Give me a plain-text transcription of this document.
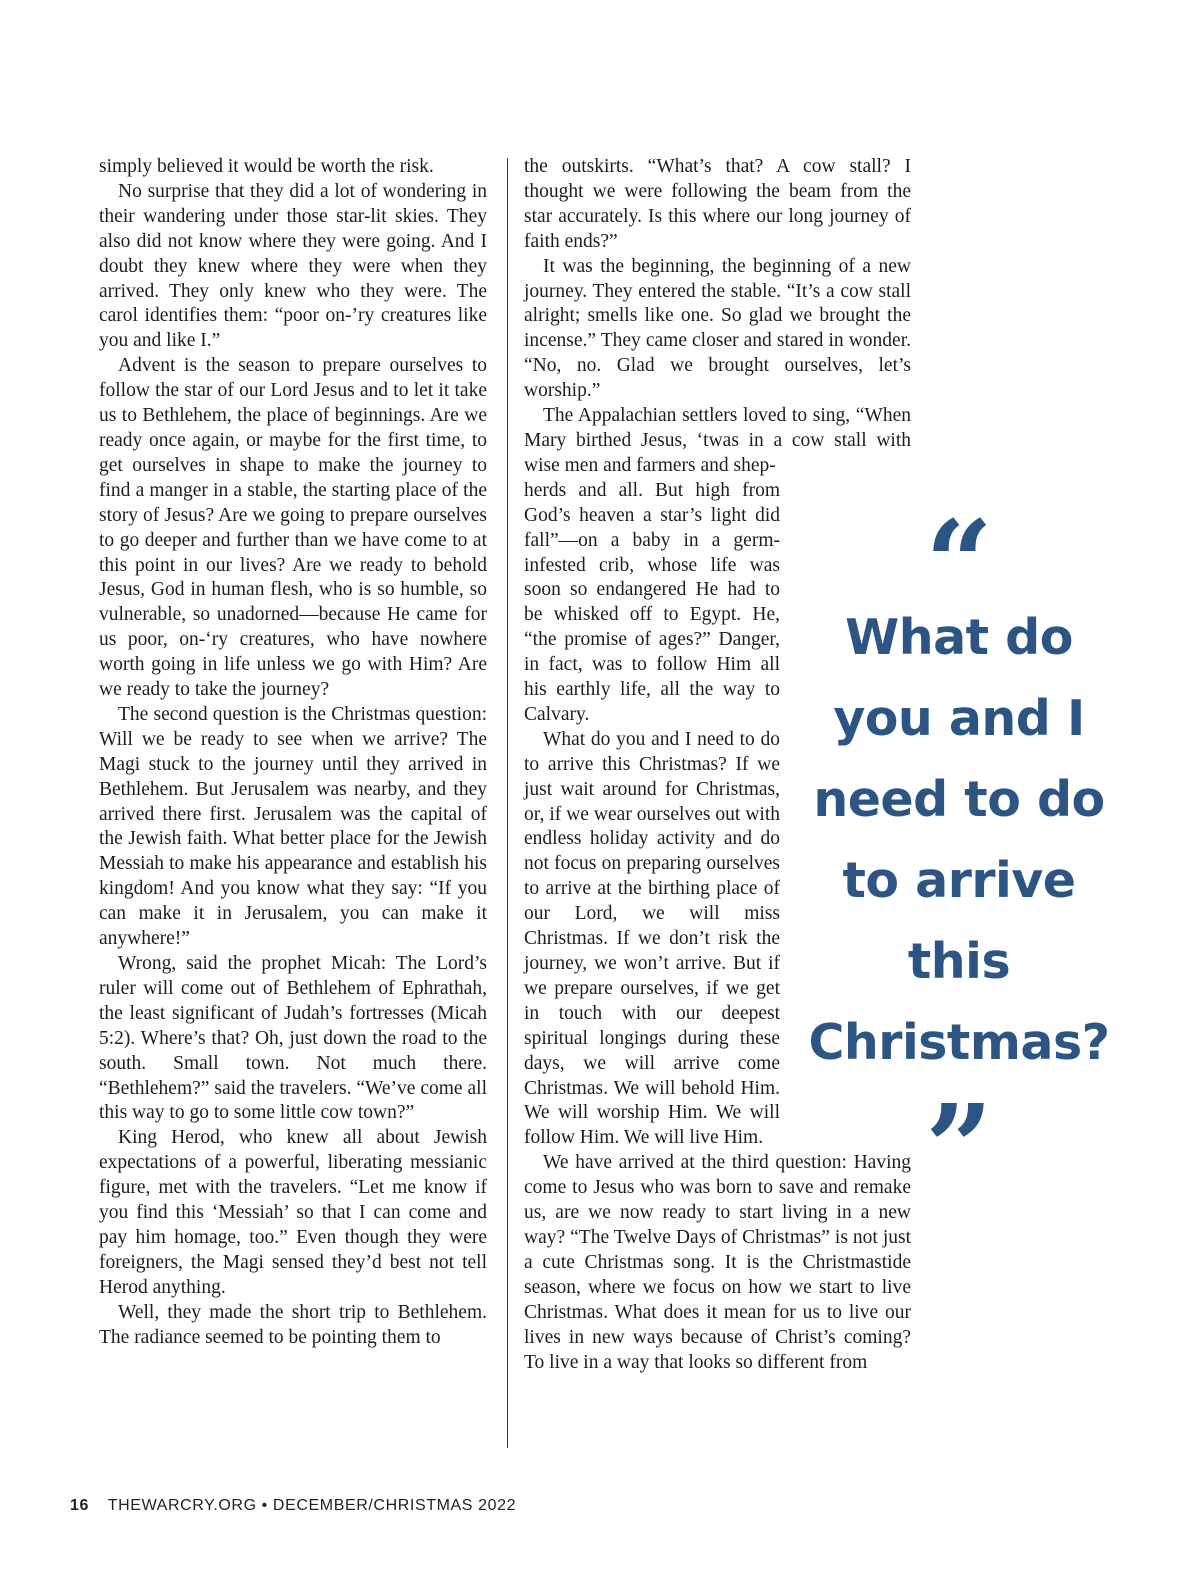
simply believed it would be worth the risk.

No surprise that they did a lot of wondering in their wandering under those star-lit skies. They also did not know where they were going. And I doubt they knew where they were when they arrived. They only knew who they were. The carol identifies them: “poor on-’ry creatures like you and like I.”

Advent is the season to prepare ourselves to follow the star of our Lord Jesus and to let it take us to Bethlehem, the place of beginnings. Are we ready once again, or maybe for the first time, to get ourselves in shape to make the journey to find a manger in a stable, the starting place of the story of Jesus? Are we going to prepare ourselves to go deeper and further than we have come to at this point in our lives? Are we ready to behold Jesus, God in human flesh, who is so humble, so vulnerable, so unadorned—because He came for us poor, on-‘ry creatures, who have nowhere worth going in life unless we go with Him? Are we ready to take the journey?

The second question is the Christmas question: Will we be ready to see when we arrive? The Magi stuck to the journey until they arrived in Bethlehem. But Jerusalem was nearby, and they arrived there first. Jerusalem was the capital of the Jewish faith. What better place for the Jewish Messiah to make his appearance and establish his kingdom! And you know what they say: “If you can make it in Jerusalem, you can make it anywhere!”

Wrong, said the prophet Micah: The Lord’s ruler will come out of Bethlehem of Ephrathah, the least significant of Judah’s fortresses (Micah 5:2). Where’s that? Oh, just down the road to the south. Small town. Not much there. “Bethlehem?” said the travelers. “We’ve come all this way to go to some little cow town?”

King Herod, who knew all about Jewish expectations of a powerful, liberating messianic figure, met with the travelers. “Let me know if you find this ‘Messiah’ so that I can come and pay him homage, too.” Even though they were foreigners, the Magi sensed they’d best not tell Herod anything.

Well, they made the short trip to Bethlehem. The radiance seemed to be pointing them to

the outskirts. “What’s that? A cow stall? I thought we were following the beam from the star accurately. Is this where our long journey of faith ends?”

It was the beginning, the beginning of a new journey. They entered the stable. “It’s a cow stall alright; smells like one. So glad we brought the incense.” They came closer and stared in wonder. “No, no. Glad we brought ourselves, let’s worship.”

The Appalachian settlers loved to sing, “When Mary birthed Jesus, ‘twas in a cow stall with wise men and farmers and shep-

herds and all. But high from God’s heaven a star’s light did fall”—on a baby in a germ-infested crib, whose life was soon so endangered He had to be whisked off to Egypt. He, “the promise of ages?” Danger, in fact, was to follow Him all his earthly life, all the way to Calvary.

What do you and I need to do to arrive this Christmas? If we just wait around for Christmas, or, if we wear ourselves out with endless holiday activity and do not focus on preparing ourselves to arrive at the birthing place of our Lord, we will miss Christmas. If we don’t risk the journey, we won’t arrive. But if we prepare ourselves, if we get in touch with our deepest spiritual longings during these days, we will arrive come Christmas. We will behold Him. We will worship Him. We will follow Him. We will live Him.

We have arrived at the third question: Having come to Jesus who was born to save and remake us, are we now ready to start living in a new way? “The Twelve Days of Christmas” is not just a cute Christmas song. It is the Christmastide season, where we focus on how we start to live Christmas. What does it mean for us to live our lives in new ways because of Christ’s coming? To live in a way that looks so different from

“
What do you and I need to do to arrive this Christmas?
”
16 THEWARCRY.ORG • DECEMBER/CHRISTMAS 2022
